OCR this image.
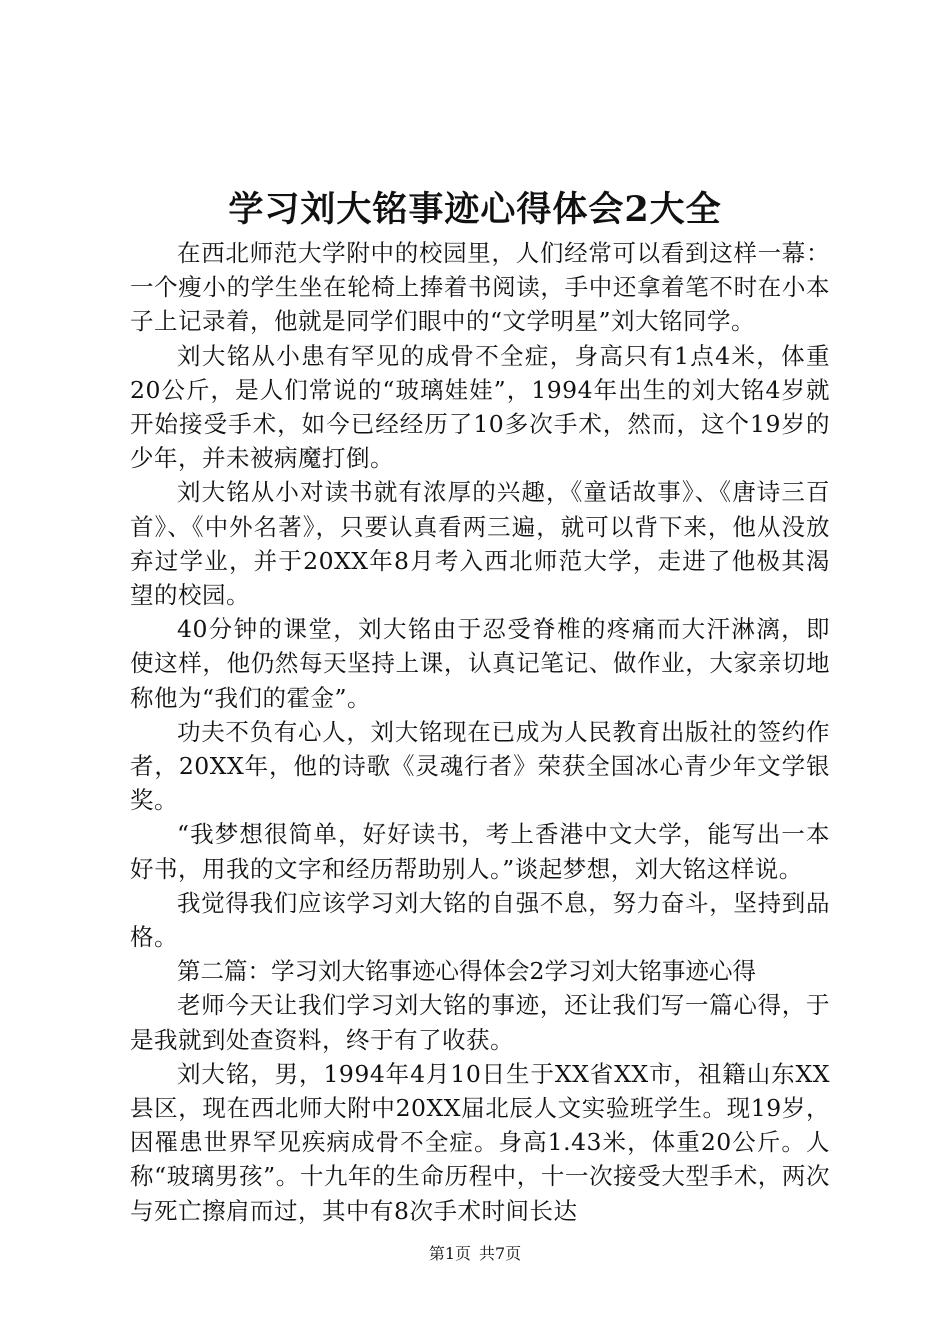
学习刘大铭事迹心得体会2大全

在西北师范大学附中的校园里，人们经常可以看到这样一幕：一个瘦小的学生坐在轮椅上捧着书阅读，手中还拿着笔不时在小本子上记录着，他就是同学们眼中的“文学明星”刘大铭同学。

刘大铭从小患有罕见的成骨不全症，身高只有1点4米，体重20公斤，是人们常说的“玻璃娃娃”，1994年出生的刘大铭4岁就开始接受手术，如今已经经历了10多次手术，然而，这个19岁的少年，并未被病魔打倒。

刘大铭从小对读书就有浓厚的兴趣，《童话故事》、《唐诗三百首》、《中外名著》，只要认真看两三遍，就可以背下来，他从没放弃过学业，并于20XX年8月考入西北师范大学，走进了他极其渴望的校园。

40分钟的课堂，刘大铭由于忍受脊椎的疼痛而大汗淋漓，即使这样，他仍然每天坚持上课，认真记笔记、做作业，大家亲切地称他为“我们的霍金”。

功夫不负有心人，刘大铭现在已成为人民教育出版社的签约作者，20XX年，他的诗歌《灵魂行者》荣获全国冰心青少年文学银奖。

“我梦想很简单，好好读书，考上香港中文大学，能写出一本好书，用我的文字和经历帮助别人。”谈起梦想，刘大铭这样说。

我觉得我们应该学习刘大铭的自强不息，努力奋斗，坚持到品格。

第二篇：学习刘大铭事迹心得体会2学习刘大铭事迹心得

老师今天让我们学习刘大铭的事迹，还让我们写一篇心得，于是我就到处查资料，终于有了收获。

刘大铭，男，1994年4月10日生于XX省XX市，祖籍山东XX县区，现在西北师大附中20XX届北辰人文实验班学生。现19岁，因罹患世界罕见疾病成骨不全症。身高1.43米，体重20公斤。人称“玻璃男孩”。十九年的生命历程中，十一次接受大型手术，两次与死亡擦肩而过，其中有8次手术时间长达

第1页 共7页
